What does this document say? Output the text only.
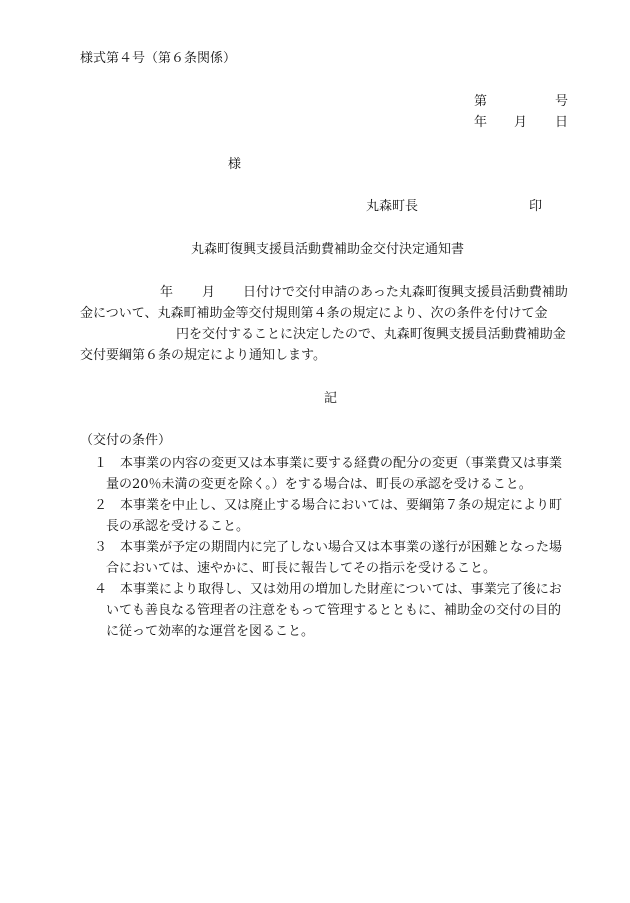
様式第４号（第６条関係）
第	号
年 月 日
様
丸森町長	印
丸森町復興支援員活動費補助金交付決定通知書
年 月 日付けで交付申請のあった丸森町復興支援員活動費補助
金について、丸森町補助金等交付規則第４条の規定により、次の条件を付けて金
円を交付することに決定したので、丸森町復興支援員活動費補助金
交付要綱第６条の規定により通知します。
記
（交付の条件）
１ 本事業の内容の変更又は本事業に要する経費の配分の変更（事業費又は事業
量の20％未満の変更を除く。）をする場合は、町長の承認を受けること。
２ 本事業を中止し、又は廃止する場合においては、要綱第７条の規定により町
長の承認を受けること。
３ 本事業が予定の期間内に完了しない場合又は本事業の遂行が困難となった場
合においては、速やかに、町長に報告してその指示を受けること。
４ 本事業により取得し、又は効用の増加した財産については、事業完了後にお
いても善良なる管理者の注意をもって管理するとともに、補助金の交付の目的
に従って効率的な運営を図ること。
